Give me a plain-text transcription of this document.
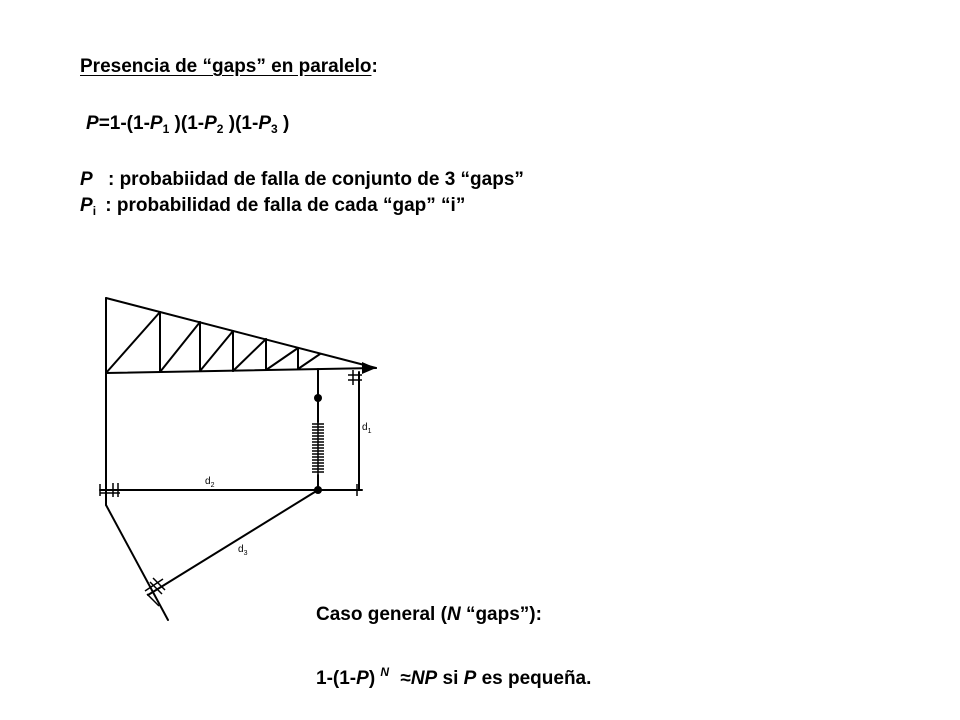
Presencia de “gaps” en paralelo:
$P=1-(1-P_1$ )($1-P_2$ )($1-P_3$ )
P : probabiidad de falla de conjunto de 3 “gaps”
$P_i$ : probabilidad de falla de cada “gap” “i”
$d_1$
$d_2$
$d_3$
Caso general (N “gaps”):
1-(1-P) $^N$ ≈NP si P es pequeña.
